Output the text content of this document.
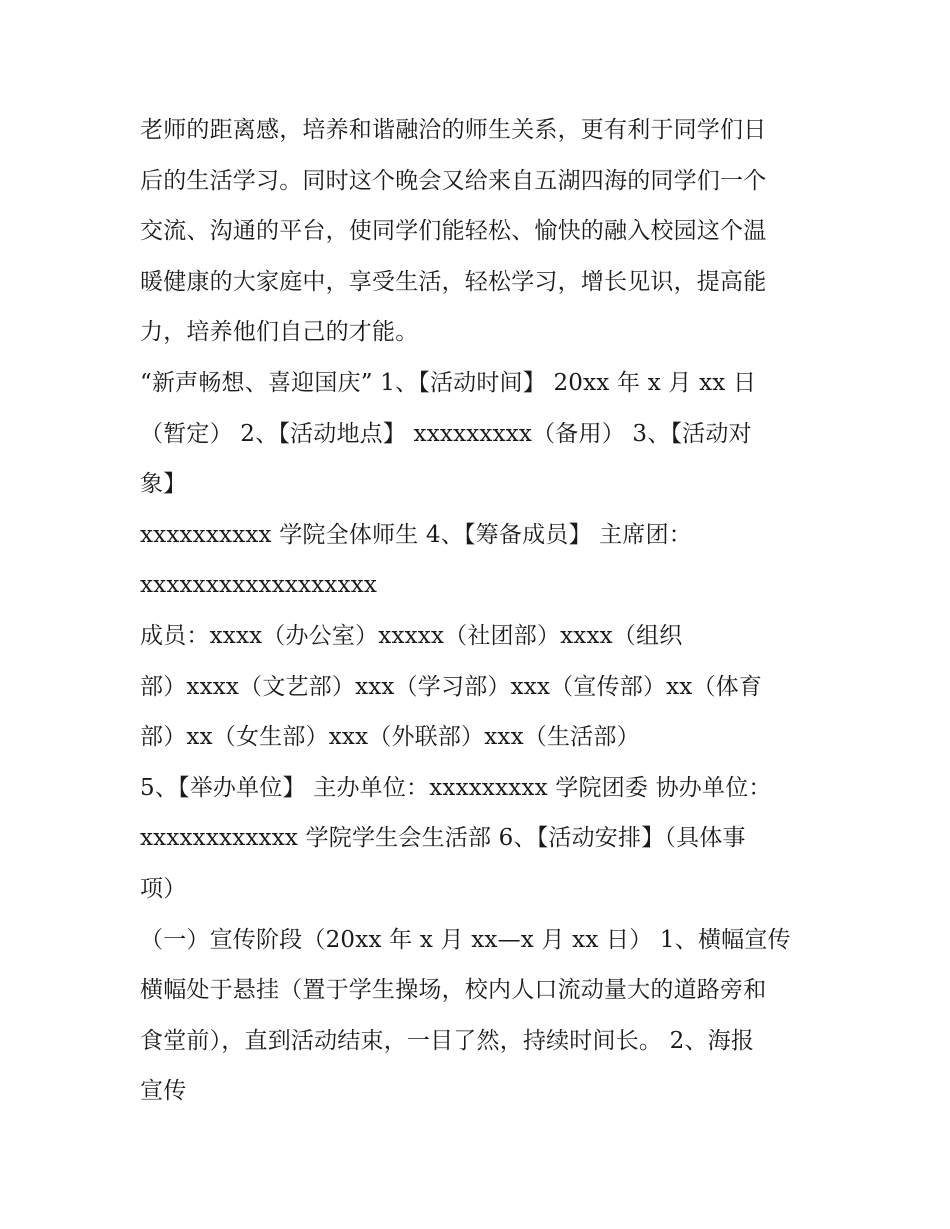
老师的距离感，培养和谐融洽的师生关系，更有利于同学们日
后的生活学习。同时这个晚会又给来自五湖四海的同学们一个
交流、沟通的平台，使同学们能轻松、愉快的融入校园这个温
暖健康的大家庭中，享受生活，轻松学习，增长见识，提高能
力，培养他们自己的才能。
“新声畅想、喜迎国庆” 1、【活动时间】 20xx 年 x 月 xx 日
（暂定） 2、【活动地点】 xxxxxxxxx（备用） 3、【活动对
象】
xxxxxxxxxx 学院全体师生 4、【筹备成员】 主席团：
xxxxxxxxxxxxxxxxxx
成员：xxxx（办公室）xxxxx（社团部）xxxx（组织
部）xxxx（文艺部）xxx（学习部）xxx（宣传部）xx（体育
部）xx（女生部）xxx（外联部）xxx（生活部）
5、【举办单位】 主办单位：xxxxxxxxx 学院团委 协办单位：
xxxxxxxxxxxx 学院学生会生活部 6、【活动安排】（具体事
项）
（一）宣传阶段（20xx 年 x 月 xx—x 月 xx 日） 1、横幅宣传
横幅处于悬挂（置于学生操场，校内人口流动量大的道路旁和
食堂前），直到活动结束，一目了然，持续时间长。 2、海报
宣传
